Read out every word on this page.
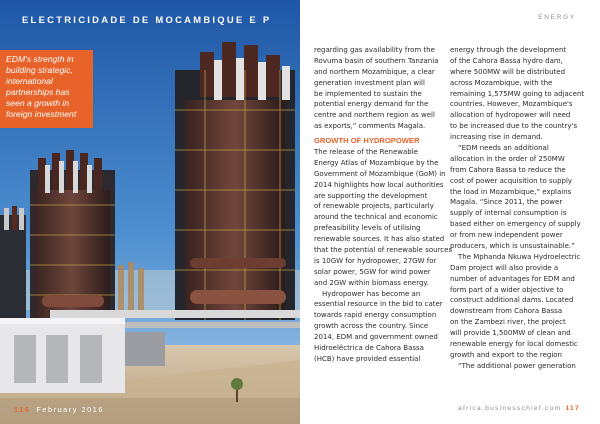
ELECTRICIDADE DE MOCAMBIQUE E P

EDM's strength in

building strategic,

international

partnerships has

seen a growth in

foreign investment

116 February 2016
ENERGY
regarding gas availability from the
Rovuma basin of southern Tanzania
and northern Mozambique, a clear
generation investment plan will
be implemented to sustain the
potential energy demand for the
centre and northern region as well
as exports,” comments Magala.
GROWTH OF HYDROPOWER
The release of the Renewable
Energy Atlas of Mozambique by the
Government of Mozambique (GoM) in
2014 highlights how local authorities
are supporting the development
of renewable projects, particularly
around the technical and economic
prefeasibility levels of utilising
renewable sources. It has also stated
that the potential of renewable sources
is 10GW for hydropower, 27GW for
solar power, 5GW for wind power
and 2GW within biomass energy.
Hydropower has become an
essential resource in the bid to cater
towards rapid energy consumption
growth across the country. Since
2014, EDM and government owned
Hidroeléctrica de Cahora Bassa
(HCB) have provided essential
energy through the development
of the Cahora Bassa hydro dam,
where 500MW will be distributed
across Mozambique, with the
remaining 1,575MW going to adjacent
countries. However, Mozambique's
allocation of hydropower will need
to be increased due to the country's
increasing rise in demand.
“EDM needs an additional
allocation in the order of 250MW
from Cahora Bassa to reduce the
cost of power acquisition to supply
the load in Mozambique,” explains
Magala. “Since 2011, the power
supply of internal consumption is
based either on emergency of supply
or from new independent power
producers, which is unsustainable.”
The Mphanda Nkuwa Hydroelectric
Dam project will also provide a
number of advantages for EDM and
form part of a wider objective to
construct additional dams. Located
downstream from Cahora Bassa
on the Zambezi river, the project
will provide 1,500MW of clean and
renewable energy for local domestic
growth and export to the region
“The additional power generation
africa.businesschief.com 117
